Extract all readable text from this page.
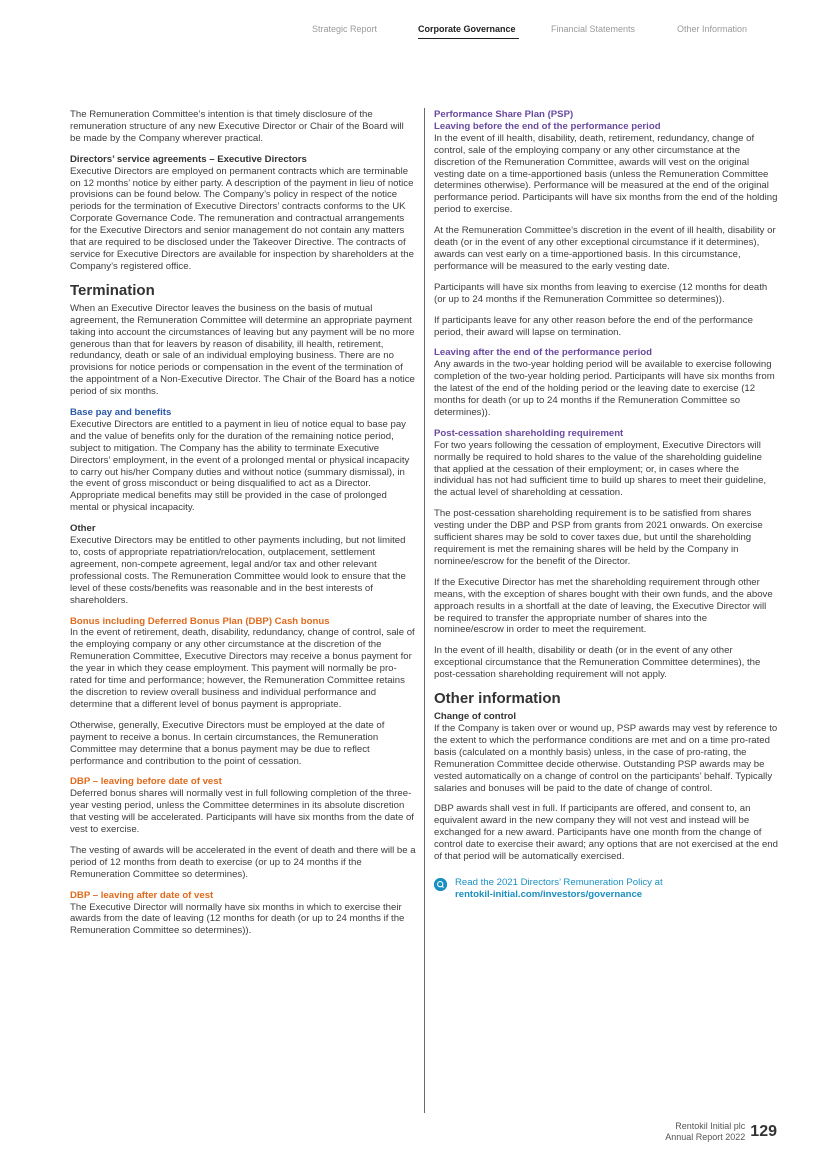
Strategic Report	Corporate Governance	Financial Statements	Other Information

The Remuneration Committee’s intention is that timely disclosure of the remuneration structure of any new Executive Director or Chair of the Board will be made by the Company wherever practical.

Directors’ service agreements – Executive Directors

Executive Directors are employed on permanent contracts which are terminable on 12 months’ notice by either party. A description of the payment in lieu of notice provisions can be found below. The Company’s policy in respect of the notice periods for the termination of Executive Directors’ contracts conforms to the UK Corporate Governance Code. The remuneration and contractual arrangements for the Executive Directors and senior management do not contain any matters that are required to be disclosed under the Takeover Directive. The contracts of service for Executive Directors are available for inspection by shareholders at the Company’s registered office.

Termination

When an Executive Director leaves the business on the basis of mutual agreement, the Remuneration Committee will determine an appropriate payment taking into account the circumstances of leaving but any payment will be no more generous than that for leavers by reason of disability, ill health, retirement, redundancy, death or sale of an individual employing business. There are no provisions for notice periods or compensation in the event of the termination of the appointment of a Non-Executive Director. The Chair of the Board has a notice period of six months.

Base pay and benefits

Executive Directors are entitled to a payment in lieu of notice equal to base pay and the value of benefits only for the duration of the remaining notice period, subject to mitigation. The Company has the ability to terminate Executive Directors’ employment, in the event of a prolonged mental or physical incapacity to carry out his/her Company duties and without notice (summary dismissal), in the event of gross misconduct or being disqualified to act as a Director. Appropriate medical benefits may still be provided in the case of prolonged mental or physical incapacity.

Other

Executive Directors may be entitled to other payments including, but not limited to, costs of appropriate repatriation/relocation, outplacement, settlement agreement, non-compete agreement, legal and/or tax and other relevant professional costs. The Remuneration Committee would look to ensure that the level of these costs/benefits was reasonable and in the best interests of shareholders.

Bonus including Deferred Bonus Plan (DBP) Cash bonus

In the event of retirement, death, disability, redundancy, change of control, sale of the employing company or any other circumstance at the discretion of the Remuneration Committee, Executive Directors may receive a bonus payment for the year in which they cease employment. This payment will normally be pro-rated for time and performance; however, the Remuneration Committee retains the discretion to review overall business and individual performance and determine that a different level of bonus payment is appropriate.

Otherwise, generally, Executive Directors must be employed at the date of payment to receive a bonus. In certain circumstances, the Remuneration Committee may determine that a bonus payment may be due to reflect performance and contribution to the point of cessation.

DBP – leaving before date of vest

Deferred bonus shares will normally vest in full following completion of the three-year vesting period, unless the Committee determines in its absolute discretion that vesting will be accelerated. Participants will have six months from the date of vest to exercise.

The vesting of awards will be accelerated in the event of death and there will be a period of 12 months from death to exercise (or up to 24 months if the Remuneration Committee so determines).

DBP – leaving after date of vest

The Executive Director will normally have six months in which to exercise their awards from the date of leaving (12 months for death (or up to 24 months if the Remuneration Committee so determines)).

Performance Share Plan (PSP)
Leaving before the end of the performance period

In the event of ill health, disability, death, retirement, redundancy, change of control, sale of the employing company or any other circumstance at the discretion of the Remuneration Committee, awards will vest on the original vesting date on a time-apportioned basis (unless the Remuneration Committee determines otherwise). Performance will be measured at the end of the original performance period. Participants will have six months from the end of the holding period to exercise.

At the Remuneration Committee’s discretion in the event of ill health, disability or death (or in the event of any other exceptional circumstance if it determines), awards can vest early on a time-apportioned basis. In this circumstance, performance will be measured to the early vesting date.

Participants will have six months from leaving to exercise (12 months for death (or up to 24 months if the Remuneration Committee so determines)).

If participants leave for any other reason before the end of the performance period, their award will lapse on termination.

Leaving after the end of the performance period

Any awards in the two-year holding period will be available to exercise following completion of the two-year holding period. Participants will have six months from the latest of the end of the holding period or the leaving date to exercise (12 months for death (or up to 24 months if the Remuneration Committee so determines)).

Post-cessation shareholding requirement

For two years following the cessation of employment, Executive Directors will normally be required to hold shares to the value of the shareholding guideline that applied at the cessation of their employment; or, in cases where the individual has not had sufficient time to build up shares to meet their guideline, the actual level of shareholding at cessation.

The post-cessation shareholding requirement is to be satisfied from shares vesting under the DBP and PSP from grants from 2021 onwards. On exercise sufficient shares may be sold to cover taxes due, but until the shareholding requirement is met the remaining shares will be held by the Company in nominee/escrow for the benefit of the Director.

If the Executive Director has met the shareholding requirement through other means, with the exception of shares bought with their own funds, and the above approach results in a shortfall at the date of leaving, the Executive Director will be required to transfer the appropriate number of shares into the nominee/escrow in order to meet the requirement.

In the event of ill health, disability or death (or in the event of any other exceptional circumstance that the Remuneration Committee determines), the post-cessation shareholding requirement will not apply.

Other information
Change of control

If the Company is taken over or wound up, PSP awards may vest by reference to the extent to which the performance conditions are met and on a time pro-rated basis (calculated on a monthly basis) unless, in the case of pro-rating, the Remuneration Committee decide otherwise. Outstanding PSP awards may be vested automatically on a change of control on the participants’ behalf. Typically salaries and bonuses will be paid to the date of change of control.

DBP awards shall vest in full. If participants are offered, and consent to, an equivalent award in the new company they will not vest and instead will be exchanged for a new award. Participants have one month from the change of control date to exercise their award; any options that are not exercised at the end of that period will be automatically exercised.

Read the 2021 Directors’ Remuneration Policy at
rentokil-initial.com/investors/governance
Rentokil Initial plc
Annual Report 2022 129
